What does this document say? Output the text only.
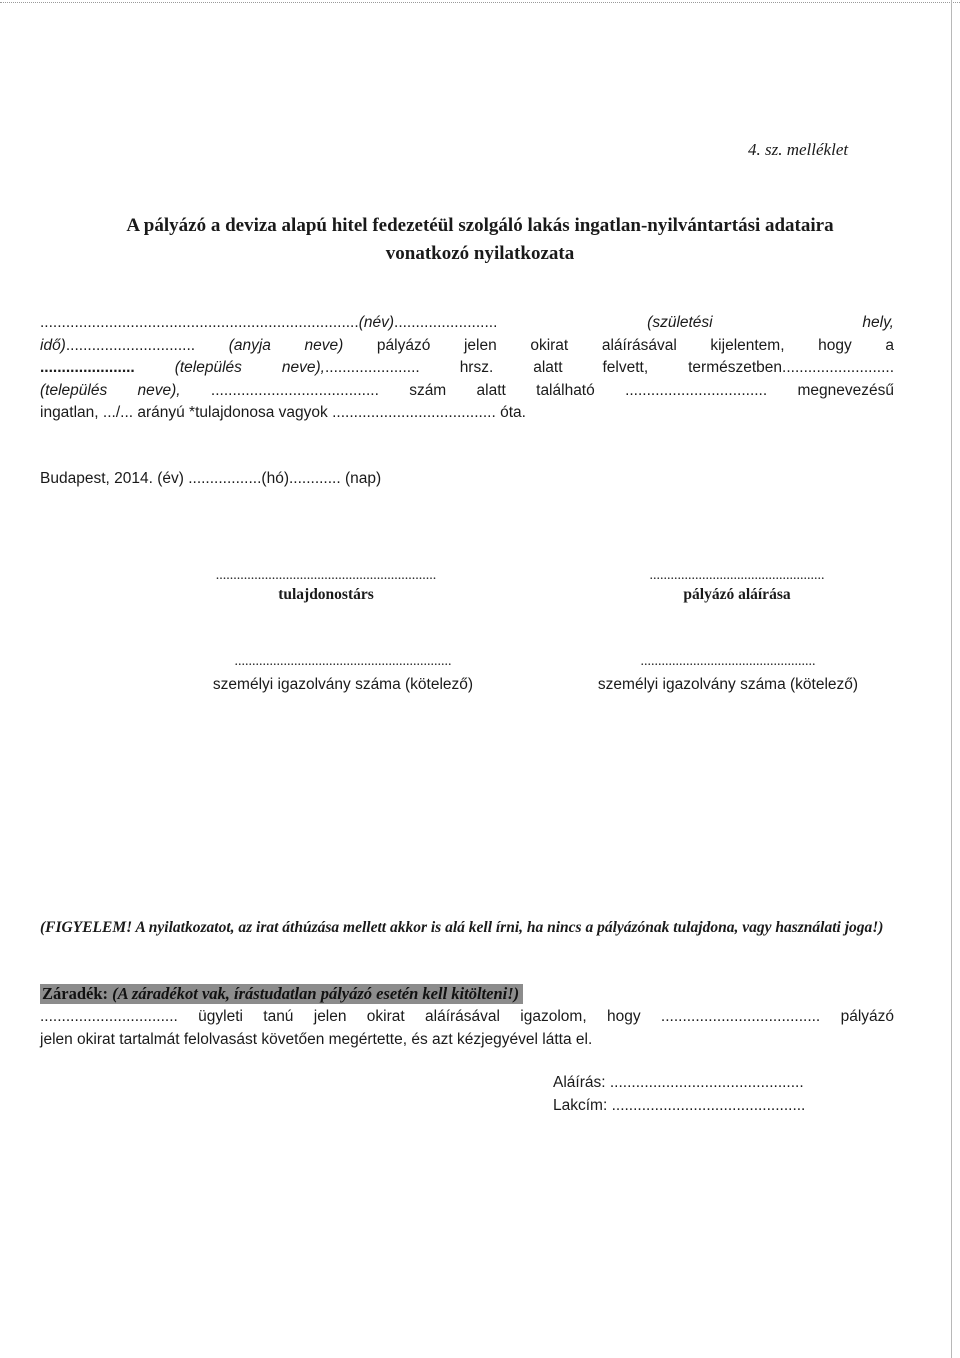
4. sz. melléklet
A pályázó a deviza alapú hitel fedezetéül szolgáló lakás ingatlan-nyilvántartási adataira
vonatkozó nyilatkozata
..........................................................................(név)........................	(születési hely,
idő).............................. (anyja neve) pályázó jelen okirat aláírásával kijelentem, hogy a
......................	(település neve),......................	hrsz. alatt felvett, természetben..........................
(település neve), ....................................... szám alatt található ................................. megnevezésű
ingatlan, .../... arányú *tulajdonosa vagyok ...................................... óta.
Budapest, 2014. (év) .................(hó)............ (nap)
...............................................................
tulajdonostárs
..................................................
pályázó aláírása
..............................................................
személyi igazolvány száma (kötelező)
..................................................
személyi igazolvány száma (kötelező)
(FIGYELEM! A nyilatkozatot, az irat áthúzása mellett akkor is alá kell írni, ha nincs a pályázónak tulajdona, vagy használati joga!)
Záradék: (A záradékot vak, írástudatlan pályázó esetén kell kitölteni!)
................................ ügyleti tanú jelen okirat aláírásával igazolom, hogy ..................................... pályázó
jelen okirat tartalmát felolvasást követően megértette, és azt kézjegyével látta el.
Aláírás: .............................................
Lakcím: .............................................
